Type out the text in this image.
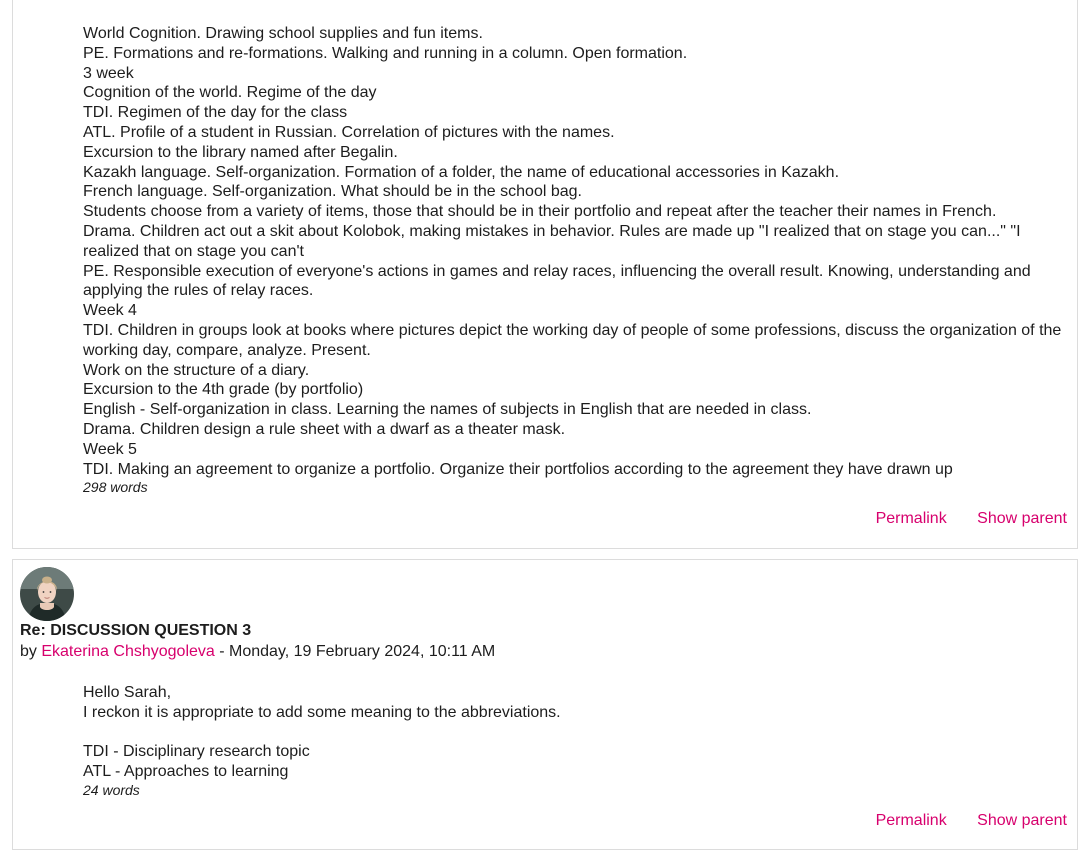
World Cognition. Drawing school supplies and fun items.
PE. Formations and re-formations. Walking and running in a column. Open formation.
3 week
Cognition of the world. Regime of the day
TDI. Regimen of the day for the class
ATL. Profile of a student in Russian. Correlation of pictures with the names.
Excursion to the library named after Begalin.
Kazakh language. Self-organization. Formation of a folder, the name of educational accessories in Kazakh.
French language. Self-organization. What should be in the school bag.
Students choose from a variety of items, those that should be in their portfolio and repeat after the teacher their names in French.
Drama. Children act out a skit about Kolobok, making mistakes in behavior. Rules are made up "I realized that on stage you can..." "I realized that on stage you can't
PE. Responsible execution of everyone's actions in games and relay races, influencing the overall result. Knowing, understanding and applying the rules of relay races.
Week 4
TDI. Children in groups look at books where pictures depict the working day of people of some professions, discuss the organization of the working day, compare, analyze. Present.
Work on the structure of a diary.
Excursion to the 4th grade (by portfolio)
English - Self-organization in class. Learning the names of subjects in English that are needed in class.
Drama. Children design a rule sheet with a dwarf as a theater mask.
Week 5
TDI. Making an agreement to organize a portfolio. Organize their portfolios according to the agreement they have drawn up
298 words
Permalink Show parent
Re: DISCUSSION QUESTION 3
by Ekaterina Chshyogoleva - Monday, 19 February 2024, 10:11 AM
Hello Sarah,
I reckon it is appropriate to add some meaning to the abbreviations.
TDI - Disciplinary research topic
ATL - Approaches to learning
24 words
Permalink Show parent
